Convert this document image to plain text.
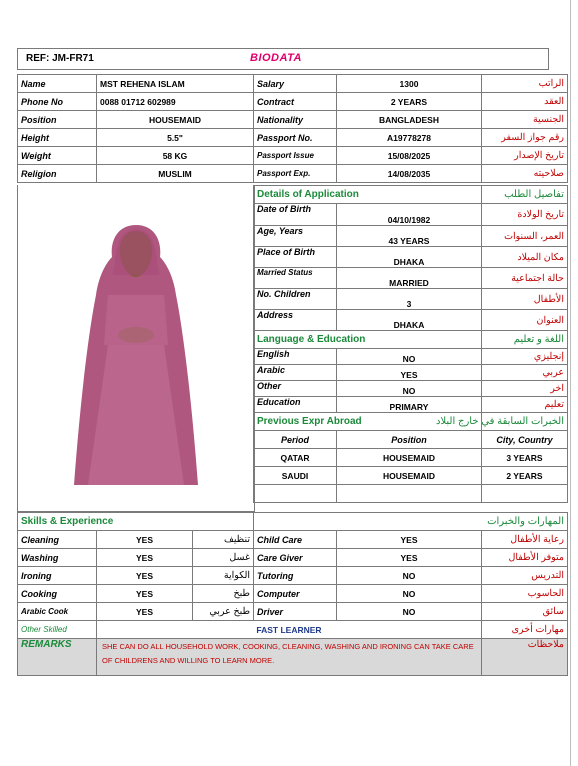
REF: JM-FR71	BIODATA
Name	MST REHENA ISLAM	Salary	1300	الراتب
Phone No	0088 01712 602989	Contract	2 YEARS	العقد
Position	HOUSEMAID	Nationality	BANGLADESH	الجنسية
Height	5.5"	Passport No.	A19778278	رقم جواز السفر
Weight	58 KG	Passport Issue	15/08/2025	تاريخ الإصدار
Religion	MUSLIM	Passport Exp.	14/08/2035	صلاحيته
Details of Application		تفاصيل الطلب
Date of Birth	04/10/1982	تاريخ الولادة
Age, Years	43 YEARS	العمر، السنوات
Place of Birth	DHAKA	مكان الميلاد
Married Status	MARRIED	حالة اجتماعية
No. Children	3	الأطفال
Address	DHAKA	العنوان
Language & Education		اللغة و تعليم
English	NO	إنجليزي
Arabic	YES	عربي
Other	NO	اخر
Education	PRIMARY	تعليم
Previous Expr Abroad		الخبرات السابقة في خارج البلاد
Period	Position	City, Country
QATAR	HOUSEMAID	3 YEARS
SAUDI	HOUSEMAID	2 YEARS

Skills & Experience			المهارات والخبرات		
Cleaning	YES	تنظيف	Child Care	YES	رعاية الأطفال
Washing	YES	غسل	Care Giver	YES	متوفر الأطفال
Ironing	YES	الكواية	Tutoring	NO	التدريس
Cooking	YES	طبخ	Computer	NO	الحاسوب
Arabic Cook	YES	طبخ عربي	Driver	NO	سائق
Other Skilled	FAST LEARNER				مهارات أخرى
REMARKS	SHE CAN DO ALL HOUSEHOLD WORK, COOKING, CLEANING, WASHING AND IRONING CAN TAKE CARE OF CHILDRENS AND WILLING TO LEARN MORE.				ملاحظات
